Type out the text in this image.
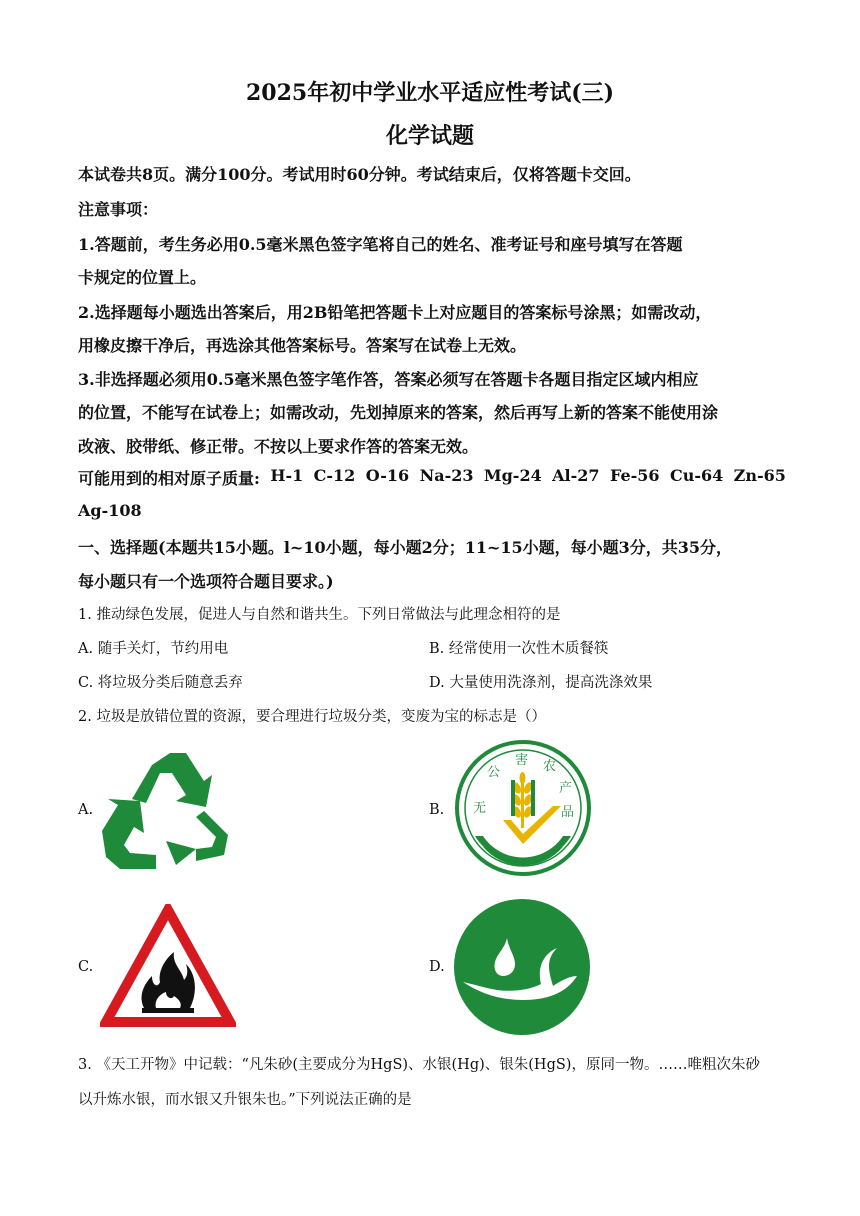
2025年初中学业水平适应性考试(三)
化学试题
本试卷共8页。满分100分。考试用时60分钟。考试结束后，仅将答题卡交回。
注意事项：
1.答题前，考生务必用0.5毫米黑色签字笔将自己的姓名、准考证号和座号填写在答题
卡规定的位置上。
2.选择题每小题选出答案后，用2B铅笔把答题卡上对应题目的答案标号涂黑；如需改动，
用橡皮擦干净后，再选涂其他答案标号。答案写在试卷上无效。
3.非选择题必须用0.5毫米黑色签字笔作答，答案必须写在答题卡各题目指定区域内相应
的位置，不能写在试卷上；如需改动，先划掉原来的答案，然后再写上新的答案不能使用涂
改液、胶带纸、修正带。不按以上要求作答的答案无效。
可能用到的相对原子质量: H-1 C-12 O-16 Na-23 Mg-24 Al-27 Fe-56 Cu-64 Zn-65
Ag-108
一、选择题(本题共15小题。l~10小题，每小题2分；11~15小题，每小题3分，共35分，
每小题只有一个选项符合题目要求。)
1. 推动绿色发展，促进人与自然和谐共生。下列日常做法与此理念相符的是
A. 随手关灯，节约用电	B. 经常使用一次性木质餐筷
C. 将垃圾分类后随意丢弃	D. 大量使用洗涤剂，提高洗涤效果
2. 垃圾是放错位置的资源，要合理进行垃圾分类，变废为宝的标志是（）
A.	B. 无
公
害 农
产
品
C.	D.
3. 《天工开物》中记载：“凡朱砂(主要成分为HgS)、水银(Hg)、银朱(HgS)，原同一物。……唯粗次朱砂
以升炼水银，而水银又升银朱也。”下列说法正确的是
